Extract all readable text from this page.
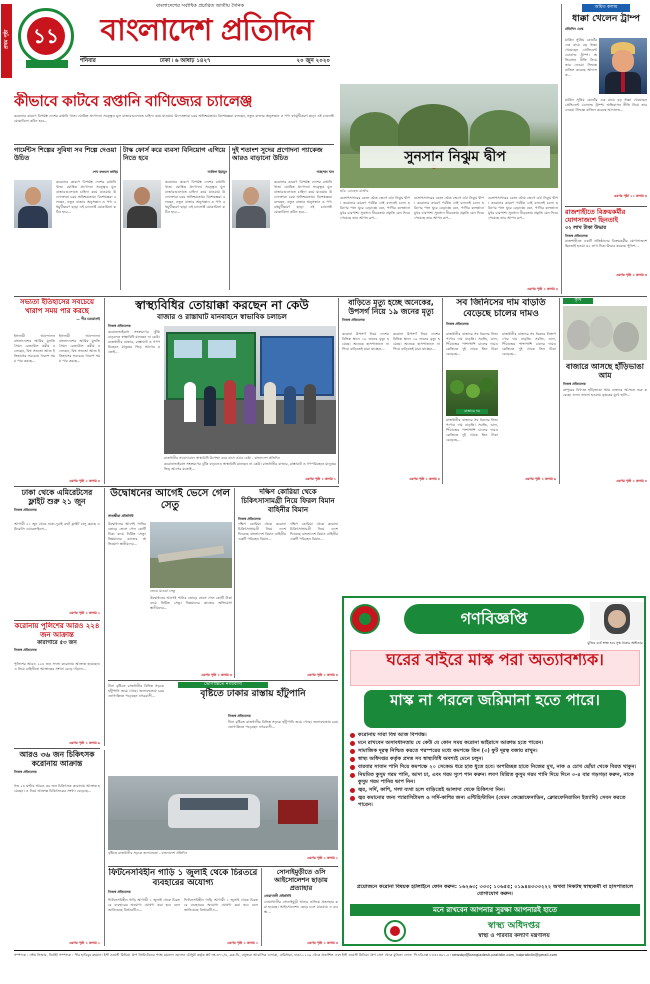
প্রথম পৃষ্ঠা	১১
বাংলাদেশের সর্বাধিক প্রচারিত জাতীয় দৈনিক
বাংলাদেশ প্রতিদিন
শনিবার	ঢাকা ৷ ৬ আষাঢ় ১৪২৭	২০ জুন ২০২০
কীভাবে কাটবে রপ্তানি বাণিজ্যের চ্যালেঞ্জ
করোনার কারণে বিপর্যস্ত দেশের রপ্তানি খাত। ঘোষিত প্রণোদনা সত্ত্বেও মূল বাজারগুলোতে চাহিদা কমে যাওয়ায় উদ্যোক্তারা চরম অনিশ্চয়তায়। বিশেষজ্ঞরা বলছেন, নতুন বাজার অনুসন্ধান ও পণ্য বহুমুখীকরণ ছাড়া এই চ্যালেঞ্জ মোকাবিলা কঠিন হবে...
গার্মেন্টস শিল্পের সুবিধা সব শিল্পে দেওয়া উচিত
শেখ ফজলে ফাহিম
করোনার কারণে বিপর্যস্ত দেশের রপ্তানি খাত। ঘোষিত প্রণোদনা সত্ত্বেও মূল বাজারগুলোতে চাহিদা কমে যাওয়ায় উদ্যোক্তারা চরম অনিশ্চয়তায়। বিশেষজ্ঞরা বলছেন, নতুন বাজার অনুসন্ধান ও পণ্য বহুমুখীকরণ ছাড়া এই চ্যালেঞ্জ মোকাবিলা কঠিন হবে...
টাস্ক ফোর্স করে ব্যবসা বিনিয়োগ এগিয়ে নিতে হবে
আবিদা ইয়ামুন
করোনার কারণে বিপর্যস্ত দেশের রপ্তানি খাত। ঘোষিত প্রণোদনা সত্ত্বেও মূল বাজারগুলোতে চাহিদা কমে যাওয়ায় উদ্যোক্তারা চরম অনিশ্চয়তায়। বিশেষজ্ঞরা বলছেন, নতুন বাজার অনুসন্ধান ও পণ্য বহুমুখীকরণ ছাড়া এই চ্যালেঞ্জ মোকাবিলা কঠিন হবে...
দুই শতাংশ সুদের প্রণোদনা প্যাকেজ আরও বাড়ানো উচিত
আহসান খান
করোনার কারণে বিপর্যস্ত দেশের রপ্তানি খাত। ঘোষিত প্রণোদনা সত্ত্বেও মূল বাজারগুলোতে চাহিদা কমে যাওয়ায় উদ্যোক্তারা চরম অনিশ্চয়তায়। বিশেষজ্ঞরা বলছেন, নতুন বাজার অনুসন্ধান ও পণ্য বহুমুখীকরণ ছাড়া এই চ্যালেঞ্জ মোকাবিলা কঠিন হবে...
ছবি: রোহেত রাজীব
সুনসান নিঝুম দ্বীপ
বঙ্গোপসাগরের কোল ঘেঁষে জেগে ওঠা নিঝুম দ্বীপ। করোনার কারণে পর্যটক নেই বললেই চলে। হরিণের পাল ঘুরে বেড়াচ্ছে বনে, পাখির কলতানে মুখর চারপাশ। সুনসান নীরবতায় প্রকৃতি যেন ফিরে পেয়েছে তার আপন রূপ...
বঙ্গোপসাগরের কোল ঘেঁষে জেগে ওঠা নিঝুম দ্বীপ। করোনার কারণে পর্যটক নেই বললেই চলে। হরিণের পাল ঘুরে বেড়াচ্ছে বনে, পাখির কলতানে মুখর চারপাশ। সুনসান নীরবতায় প্রকৃতি যেন ফিরে পেয়েছে তার আপন রূপ...
বঙ্গোপসাগরের কোল ঘেঁষে জেগে ওঠা নিঝুম দ্বীপ। করোনার কারণে পর্যটক নেই বললেই চলে। হরিণের পাল ঘুরে বেড়াচ্ছে বনে, পাখির কলতানে মুখর চারপাশ। সুনসান নীরবতায় প্রকৃতি যেন ফিরে পেয়েছে তার আপন রূপ...
এরপর পৃষ্ঠা ২ কলাম ৫
অমিত কলাম
ধাক্কা খেলেন ট্রাম্প
প্রতিদিন ডেস্ক
মার্কিন সুপ্রিম কোর্টের এক রায়ে বড় ধাক্কা খেয়েছেন প্রেসিডেন্ট ডোনাল্ড ট্রাম্প। অভিবাসন নীতি নিয়ে তার নেওয়া সিদ্ধান্ত বাতিল করেছে আদালত...
মার্কিন সুপ্রিম কোর্টের এক রায়ে বড় ধাক্কা খেয়েছেন প্রেসিডেন্ট ডোনাল্ড ট্রাম্প। অভিবাসন নীতি নিয়ে তার নেওয়া সিদ্ধান্ত বাতিল করেছে আদালত...
এরপর পৃষ্ঠা ১১ কলাম ৩
রাজশাহীতে বিক্রয়কর্মীর যোগসাজশে ছিনতাই
৩২ লাখ টাকা উদ্ধার
নিজস্ব প্রতিবেদক
রাজশাহীতে একটি প্রতিষ্ঠানের বিক্রয়কর্মীর যোগসাজশে ছিনতাই হওয়া ৩২ লাখ টাকা উদ্ধার করেছে পুলিশ...
এরপর পৃষ্ঠা ২ কলাম ৩
সভ্যতা ইতিহাসের সবচেয়ে খারাপ সময় পার করছে
— পীর চরমোনাই
ইসলামী আন্দোলন বাংলাদেশের আমির মুফতি সৈয়দ রেজাউল করীম বলেছেন, বিশ্ব সভ্যতা আজ ইতিহাসের সবচেয়ে খারাপ সময় পার করছে...
ইসলামী আন্দোলন বাংলাদেশের আমির মুফতি সৈয়দ রেজাউল করীম বলেছেন, বিশ্ব সভ্যতা আজ ইতিহাসের সবচেয়ে খারাপ সময় পার করছে...
এরপর পৃষ্ঠা ২ কলাম ৫
স্বাস্থ্যবিধির তোয়াক্কা করছেন না কেউ
বাজার ও রাস্তাঘাট যানবাহনে স্বাভাবিক চলাচল
নিজস্ব প্রতিবেদক
করোনাভাইরাস সংক্রমণের ঝুঁকি বাড়লেও স্বাস্থ্যবিধি মানছেন না কেউ। রাজধানীর বাজার, রাস্তাঘাট ও গণপরিবহনে মানুষের ভিড় আগের মতোই...
রাজধানীর সায়েদাবাদে স্বাস্থ্যবিধি উপেক্ষা করে বাসে ওঠার চেষ্টা - বাংলাদেশ প্রতিদিন
করোনাভাইরাস সংক্রমণের ঝুঁকি বাড়লেও স্বাস্থ্যবিধি মানছেন না কেউ। রাজধানীর বাজার, রাস্তাঘাট ও গণপরিবহনে মানুষের ভিড় আগের মতোই...
এরপর পৃষ্ঠা ২ কলাম ১
বাড়িতে মৃত্যু হচ্ছে অনেকের, উপসর্গ নিয়ে ১৯ জনের মৃত্যু
নিজস্ব প্রতিবেদক
করোনা উপসর্গ নিয়ে দেশের বিভিন্ন স্থানে ১৯ জনের মৃত্যু হয়েছে। অনেকে হাসপাতালে না গিয়ে বাড়িতেই মারা যাচ্ছেন...
করোনা উপসর্গ নিয়ে দেশের বিভিন্ন স্থানে ১৯ জনের মৃত্যু হয়েছে। অনেকে হাসপাতালে না গিয়ে বাড়িতেই মারা যাচ্ছেন...
এরপর পৃষ্ঠা ২ কলাম ৫
সব জিনিসের দাম বাড়তি বেড়েছে চালের দামও
নিজস্ব প্রতিবেদক
রাজধানীর বাজারে সব ধরনের নিত্যপণ্যের দাম বাড়তি। সবজি, ডাল, পিঁয়াজের পাশাপাশি চালের দামও কেজিতে দুই থেকে তিন টাকা বেড়েছে...
বাজারে দর
রাজধানীর বাজারে সব ধরনের নিত্যপণ্যের দাম বাড়তি। সবজি, ডাল, পিঁয়াজের পাশাপাশি চালের দামও কেজিতে দুই থেকে তিন টাকা বেড়েছে...
রাজধানীর বাজারে সব ধরনের নিত্যপণ্যের দাম বাড়তি। সবজি, ডাল, পিঁয়াজের পাশাপাশি চালের দামও কেজিতে দুই থেকে তিন টাকা বেড়েছে...
এরপর পৃষ্ঠা ২ কলাম ৬
কৃষি
বাজারে আসছে হাঁড়িভাঙা আম
নিজস্ব প্রতিবেদক
রংপুরের বিখ্যাত হাঁড়িভাঙা আম বাজারে আসতে শুরু করেছে। ফলন ভালো হওয়ায় কৃষকের মুখে হাসি...
এরপর পৃষ্ঠা ২ কলাম ৪
ঢাকা থেকে এমিরেটসের ফ্লাইট শুরু ২১ জুন
নিজস্ব প্রতিবেদক
আগামী ২১ জুন থেকে ঢাকা-দুবাই রুটে ফ্লাইট চালু করছে এমিরেটস এয়ারলাইনস...
এরপর পৃষ্ঠা ২ কলাম ২
উদ্বোধনের আগেই ভেসে গেল সেতু
সাতক্ষীরা প্রতিনিধি
উদ্বোধনের আগেই পানির তোড়ে ভেসে গেল কোটি টাকা ব্যয়ে নির্মিত সেতু। নিম্নমানের কাজের অভিযোগ স্থানীয়দের...
ভেঙে যাওয়া সেতু
উদ্বোধনের আগেই পানির তোড়ে ভেসে গেল কোটি টাকা ব্যয়ে নির্মিত সেতু। নিম্নমানের কাজের অভিযোগ স্থানীয়দের...
এরপর পৃষ্ঠা ২ কলাম ৩
দক্ষিণ কোরিয়া থেকে চিকিৎসাসামগ্রী নিয়ে ফিরল বিমান বাহিনীর বিমান
নিজস্ব প্রতিবেদক
দক্ষিণ কোরিয়া থেকে করোনা চিকিৎসাসামগ্রী নিয়ে দেশে ফিরেছে বাংলাদেশ বিমান বাহিনীর একটি পরিবহন বিমান...
দক্ষিণ কোরিয়া থেকে করোনা চিকিৎসাসামগ্রী নিয়ে দেশে ফিরেছে বাংলাদেশ বিমান বাহিনীর একটি পরিবহন বিমান...
এরপর পৃষ্ঠা ২ কলাম ৪
করোনায় পুলিশের আরও ২২৪ জন আক্রান্ত
কারাগারে ৫৩ জন
নিজস্ব প্রতিবেদক
পুলিশের আরও ২২৪ জন সদস্য করোনায় আক্রান্ত হয়েছেন। এ নিয়ে বাহিনীতে আক্রান্তের সংখ্যা বেড়ে দাঁড়াল...
এরপর পৃষ্ঠা ২ কলাম ৬
ভোগান্তিতে নগরবাসী
বৃষ্টিতে ঢাকার রাস্তায় হাঁটুপানি
টানা বৃষ্টিতে রাজধানীর বিভিন্ন সড়কে হাঁটুপানি জমে গেছে। জলাবদ্ধতায় চরম ভোগান্তিতে পড়েছেন নগরবাসী...
নিজস্ব প্রতিবেদক
টানা বৃষ্টিতে রাজধানীর বিভিন্ন সড়কে হাঁটুপানি জমে গেছে। জলাবদ্ধতায় চরম ভোগান্তিতে পড়েছেন নগরবাসী...
বৃষ্টিতে রাজধানীর সড়কে জলাবদ্ধতা - বাংলাদেশ প্রতিদিন
এরপর পৃষ্ঠা ২ কলাম ১
আরও ৩৬ জন চিকিৎসক করোনায় আক্রান্ত
নিজস্ব প্রতিবেদক
গত ২৪ ঘণ্টায় আরও ৩৬ জন চিকিৎসক করোনায় আক্রান্ত হয়েছেন। এ নিয়ে আক্রান্ত চিকিৎসকের সংখ্যা বেড়েছে...
এরপর পৃষ্ঠা ২ কলাম ১
ফিটনেসবিহীন গাড়ি ১ জুলাই থেকে চিরতরে ব্যবহারের অযোগ্য
নিজস্ব প্রতিবেদক
ফিটনেসবিহীন গাড়ি আগামী ১ জুলাই থেকে চিরতরে ব্যবহারের অযোগ্য ঘোষণা করা হবে বলে জানিয়েছে বিআরটিএ...
ফিটনেসবিহীন গাড়ি আগামী ১ জুলাই থেকে চিরতরে ব্যবহারের অযোগ্য ঘোষণা করা হবে বলে জানিয়েছে বিআরটিএ...
এরপর পৃষ্ঠা ২ কলাম ২
সোনাইমুড়ীতে ওসি আইসোলেশন ছাড়ায় প্রত্যাহার
নোয়াখালী প্রতিনিধি
নোয়াখালীর সোনাইমুড়ী থানার ওসিকে প্রত্যাহার করা হয়েছে। আইসোলেশন ছেড়ে চলে যাওয়ায় এ ব্যবস্থা...
এরপর পৃষ্ঠা ২ কলাম ৩
গণবিজ্ঞপ্তি
মুজিব বর্ষে স্বাস্থ্য হবে সুস্থ থাকার অঙ্গীকার
ঘরের বাইরে মাস্ক পরা অত্যাবশ্যক।
মাস্ক না পরলে জরিমানা হতে পারে।
করোনায় সারা বিশ্ব আজ বিপর্যস্ত।
মনে রাখবেন অসাবধানতায় যে কেউ যে কোন সময় করোনা ভাইরাসে আক্রান্ত হতে পারেন।
সামাজিক দূরত্ব নিশ্চিত করতে পরস্পরের মধ্যে কমপক্ষে তিন (৩) ফুট দূরত্ব বজায় রাখুন।
স্বাস্থ্য অধিদপ্তর কর্তৃক প্রদত্ত সব স্বাস্থ্যবিধি অবশ্যই মেনে চলুন।
বারবার সাবান পানি দিয়ে কমপক্ষে ২০ সেকেন্ড ধরে হাত ধুতে হবে। অপরিচ্ছন্ন হাতে নিজের মুখ, নাক ও চোখ ছোঁয়া থেকে বিরত থাকুন।
নিয়মিত কুসুম গরম পানি, আদা চা, এবং গরম স্যুপ পান করুন। লবণ মিশ্রিত কুসুম গরম পানি দিয়ে দিনে ৩-৪ বার গড়গড়া করুন, নাকে কুসুম গরম পানির ভাপ নিন।
জ্বর, সর্দি, কাশি, গলা ব্যথা হলে বাড়িতেই আলাদা থেকে চিকিৎসা নিন।
জ্বর কমানোর জন্য প্যারাসিটামল ও সর্দি-কাশির জন্য এন্টিহিস্টামিন (যেমন ফেক্সোফেনাডিন, ক্লোরফেনিরামিন ইত্যাদি) সেবন করতে পারেন।
প্রয়োজনে করোনা বিষয়ক হটলাইনে ফোন করুন: ১৬২৬৩; ৩৩৩; ১০৬৫৫; ০১৯৪৪৩৩৩২২২ অথবা নিকটস্থ স্বাস্থ্যকর্মী বা হাসপাতালে যোগাযোগ করুন।
মনে রাখবেন আপনার সুরক্ষা আপনারই হাতে
স্বাস্থ্য অধিদপ্তর
স্বাস্থ্য ও পরিবার কল্যাণ মন্ত্রণালয়
সম্পাদক : নঈম নিজাম, নির্বাহী সম্পাদক : পীর হাবিবুর রহমান। ইস্ট ওয়েস্ট মিডিয়া গ্রুপ লিমিটেডের পক্ষে ময়নাল হোসেন চৌধুরী কর্তৃক প্লট নং-৩৭১/এ, ব্লক-ডি, বসুন্ধরা আবাসিক এলাকা, বারিধারা, ঢাকা-১২২৯ থেকে প্রকাশিত এবং ইস্ট ওয়েস্ট মিডিয়া গ্রুপ প্রেস থেকে মুদ্রিত। ফোন: পিএবিএক্স ৮৪৩২৩৬১-৪। newsbp@bangladesh-pratidin.com, bdpratidin@gmail.com
